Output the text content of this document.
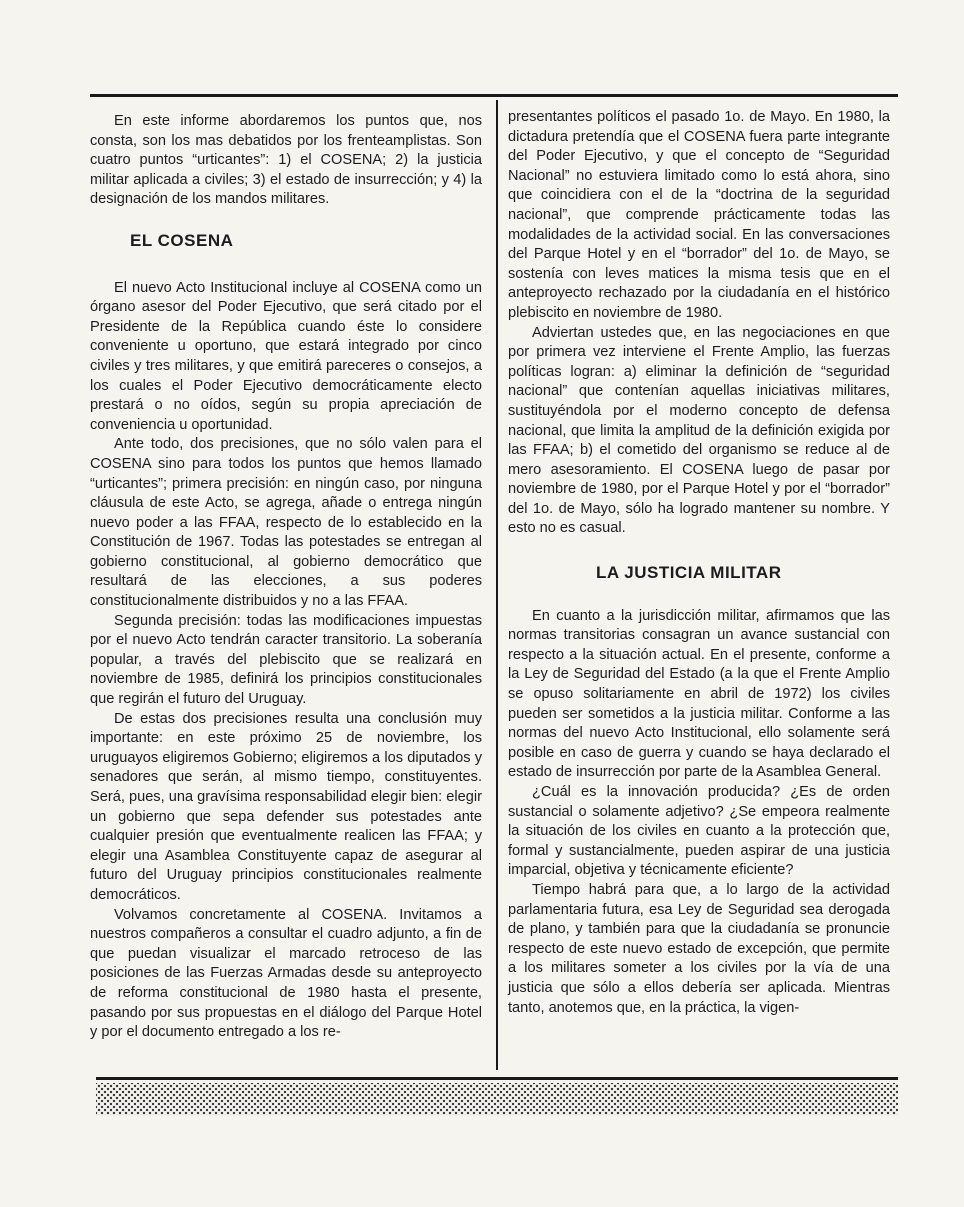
En este informe abordaremos los puntos que, nos consta, son los mas debatidos por los frenteamplistas. Son cuatro puntos “urticantes”: 1) el COSENA; 2) la justicia militar aplicada a civiles; 3) el estado de insurrección; y 4) la designación de los mandos militares.

EL COSENA

El nuevo Acto Institucional incluye al COSENA como un órgano asesor del Poder Ejecutivo, que será citado por el Presidente de la República cuando éste lo considere conveniente u oportuno, que estará integrado por cinco civiles y tres militares, y que emitirá pareceres o consejos, a los cuales el Poder Ejecutivo democráticamente electo prestará o no oídos, según su propia apreciación de conveniencia u oportunidad.

Ante todo, dos precisiones, que no sólo valen para el COSENA sino para todos los puntos que hemos llamado “urticantes”; primera precisión: en ningún caso, por ninguna cláusula de este Acto, se agrega, añade o entrega ningún nuevo poder a las FFAA, respecto de lo establecido en la Constitución de 1967. Todas las potestades se entregan al gobierno constitucional, al gobierno democrático que resultará de las elecciones, a sus poderes constitucionalmente distribuidos y no a las FFAA.

Segunda precisión: todas las modificaciones impuestas por el nuevo Acto tendrán caracter transitorio. La soberanía popular, a través del plebiscito que se realizará en noviembre de 1985, definirá los principios constitucionales que regirán el futuro del Uruguay.

De estas dos precisiones resulta una conclusión muy importante: en este próximo 25 de noviembre, los uruguayos eligiremos Gobierno; eligiremos a los diputados y senadores que serán, al mismo tiempo, constituyentes. Será, pues, una gravísima responsabilidad elegir bien: elegir un gobierno que sepa defender sus potestades ante cualquier presión que eventualmente realicen las FFAA; y elegir una Asamblea Constituyente capaz de asegurar al futuro del Uruguay principios constitucionales realmente democráticos.

Volvamos concretamente al COSENA. Invitamos a nuestros compañeros a consultar el cuadro adjunto, a fin de que puedan visualizar el marcado retroceso de las posiciones de las Fuerzas Armadas desde su anteproyecto de reforma constitucional de 1980 hasta el presente, pasando por sus propuestas en el diálogo del Parque Hotel y por el documento entregado a los re-

presentantes políticos el pasado 1o. de Mayo. En 1980, la dictadura pretendía que el COSENA fuera parte integrante del Poder Ejecutivo, y que el concepto de “Seguridad Nacional” no estuviera limitado como lo está ahora, sino que coincidiera con el de la “doctrina de la seguridad nacional”, que comprende prácticamente todas las modalidades de la actividad social. En las conversaciones del Parque Hotel y en el “borrador” del 1o. de Mayo, se sostenía con leves matices la misma tesis que en el anteproyecto rechazado por la ciudadanía en el histórico plebiscito en noviembre de 1980.

Adviertan ustedes que, en las negociaciones en que por primera vez interviene el Frente Amplio, las fuerzas políticas logran: a) eliminar la definición de “seguridad nacional” que contenían aquellas iniciativas militares, sustituyéndola por el moderno concepto de defensa nacional, que limita la amplitud de la definición exigida por las FFAA; b) el cometido del organismo se reduce al de mero asesoramiento. El COSENA luego de pasar por noviembre de 1980, por el Parque Hotel y por el “borrador” del 1o. de Mayo, sólo ha logrado mantener su nombre. Y esto no es casual.

LA JUSTICIA MILITAR

En cuanto a la jurisdicción militar, afirmamos que las normas transitorias consagran un avance sustancial con respecto a la situación actual. En el presente, conforme a la Ley de Seguridad del Estado (a la que el Frente Amplio se opuso solitariamente en abril de 1972) los civiles pueden ser sometidos a la justicia militar. Conforme a las normas del nuevo Acto Institucional, ello solamente será posible en caso de guerra y cuando se haya declarado el estado de insurrección por parte de la Asamblea General.

¿Cuál es la innovación producida? ¿Es de orden sustancial o solamente adjetivo? ¿Se empeora realmente la situación de los civiles en cuanto a la protección que, formal y sustancialmente, pueden aspirar de una justicia imparcial, objetiva y técnicamente eficiente?

Tiempo habrá para que, a lo largo de la actividad parlamentaria futura, esa Ley de Seguridad sea derogada de plano, y también para que la ciudadanía se pronuncie respecto de este nuevo estado de excepción, que permite a los militares someter a los civiles por la vía de una justicia que sólo a ellos debería ser aplicada. Mientras tanto, anotemos que, en la práctica, la vigen-
